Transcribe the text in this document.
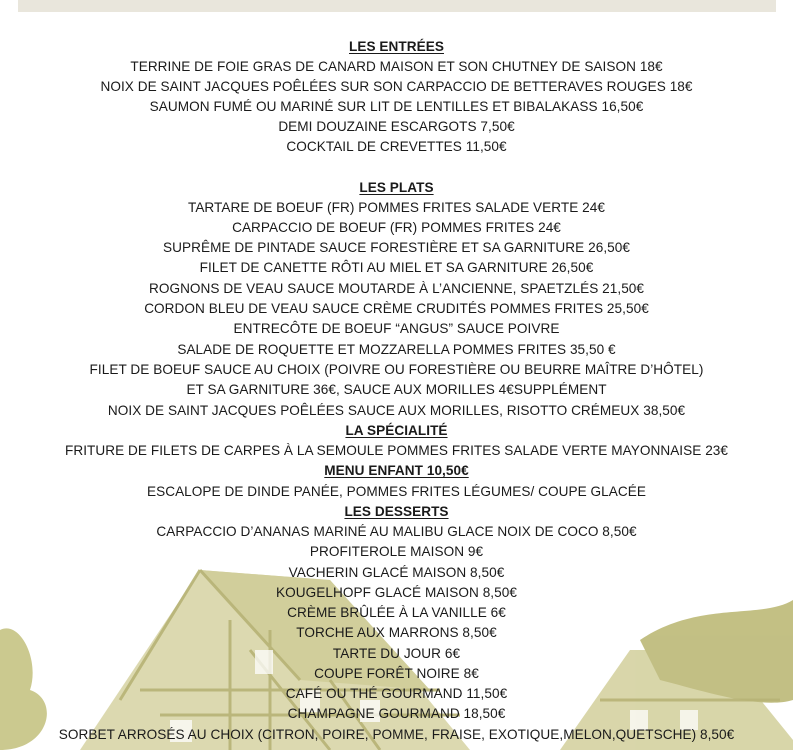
LES ENTRÉES
TERRINE DE FOIE GRAS DE CANARD MAISON ET SON CHUTNEY DE SAISON 18€
NOIX DE SAINT JACQUES POÊLÉES SUR SON CARPACCIO DE BETTERAVES ROUGES 18€
SAUMON FUMÉ OU MARINÉ SUR LIT DE LENTILLES ET BIBALAKASS 16,50€
DEMI DOUZAINE ESCARGOTS 7,50€
COCKTAIL DE CREVETTES 11,50€
LES PLATS
TARTARE DE BOEUF (FR) POMMES FRITES SALADE VERTE 24€
CARPACCIO DE BOEUF (FR) POMMES FRITES 24€
SUPRÊME DE PINTADE SAUCE FORESTIÈRE ET SA GARNITURE 26,50€
FILET DE CANETTE RÔTI AU MIEL ET SA GARNITURE 26,50€
ROGNONS DE VEAU SAUCE MOUTARDE À L’ANCIENNE, SPAETZLÉS 21,50€
CORDON BLEU DE VEAU SAUCE CRÈME CRUDITÉS POMMES FRITES 25,50€
ENTRECÔTE DE BOEUF “ANGUS” SAUCE POIVRE
SALADE DE ROQUETTE ET MOZZARELLA POMMES FRITES 35,50 €
FILET DE BOEUF SAUCE AU CHOIX (POIVRE OU FORESTIÈRE OU BEURRE MAÎTRE D’HÔTEL)
ET SA GARNITURE 36€, SAUCE AUX MORILLES 4€SUPPLÉMENT
NOIX DE SAINT JACQUES POÊLÉES SAUCE AUX MORILLES, RISOTTO CRÉMEUX 38,50€
LA SPÉCIALITÉ
FRITURE DE FILETS DE CARPES À LA SEMOULE POMMES FRITES SALADE VERTE MAYONNAISE 23€
MENU ENFANT 10,50€
ESCALOPE DE DINDE PANÉE, POMMES FRITES LÉGUMES/ COUPE GLACÉE
LES DESSERTS
CARPACCIO D’ANANAS MARINÉ AU MALIBU GLACE NOIX DE COCO 8,50€
PROFITEROLE MAISON 9€
VACHERIN GLACÉ MAISON 8,50€
KOUGELHOPF GLACÉ MAISON 8,50€
CRÈME BRÛLÉE À LA VANILLE 6€
TORCHE AUX MARRONS 8,50€
TARTE DU JOUR 6€
COUPE FORÊT NOIRE 8€
CAFÉ OU THÉ GOURMAND 11,50€
CHAMPAGNE GOURMAND 18,50€
SORBET ARROSÉS AU CHOIX (CITRON, POIRE, POMME, FRAISE, EXOTIQUE,MELON,QUETSCHE) 8,50€
